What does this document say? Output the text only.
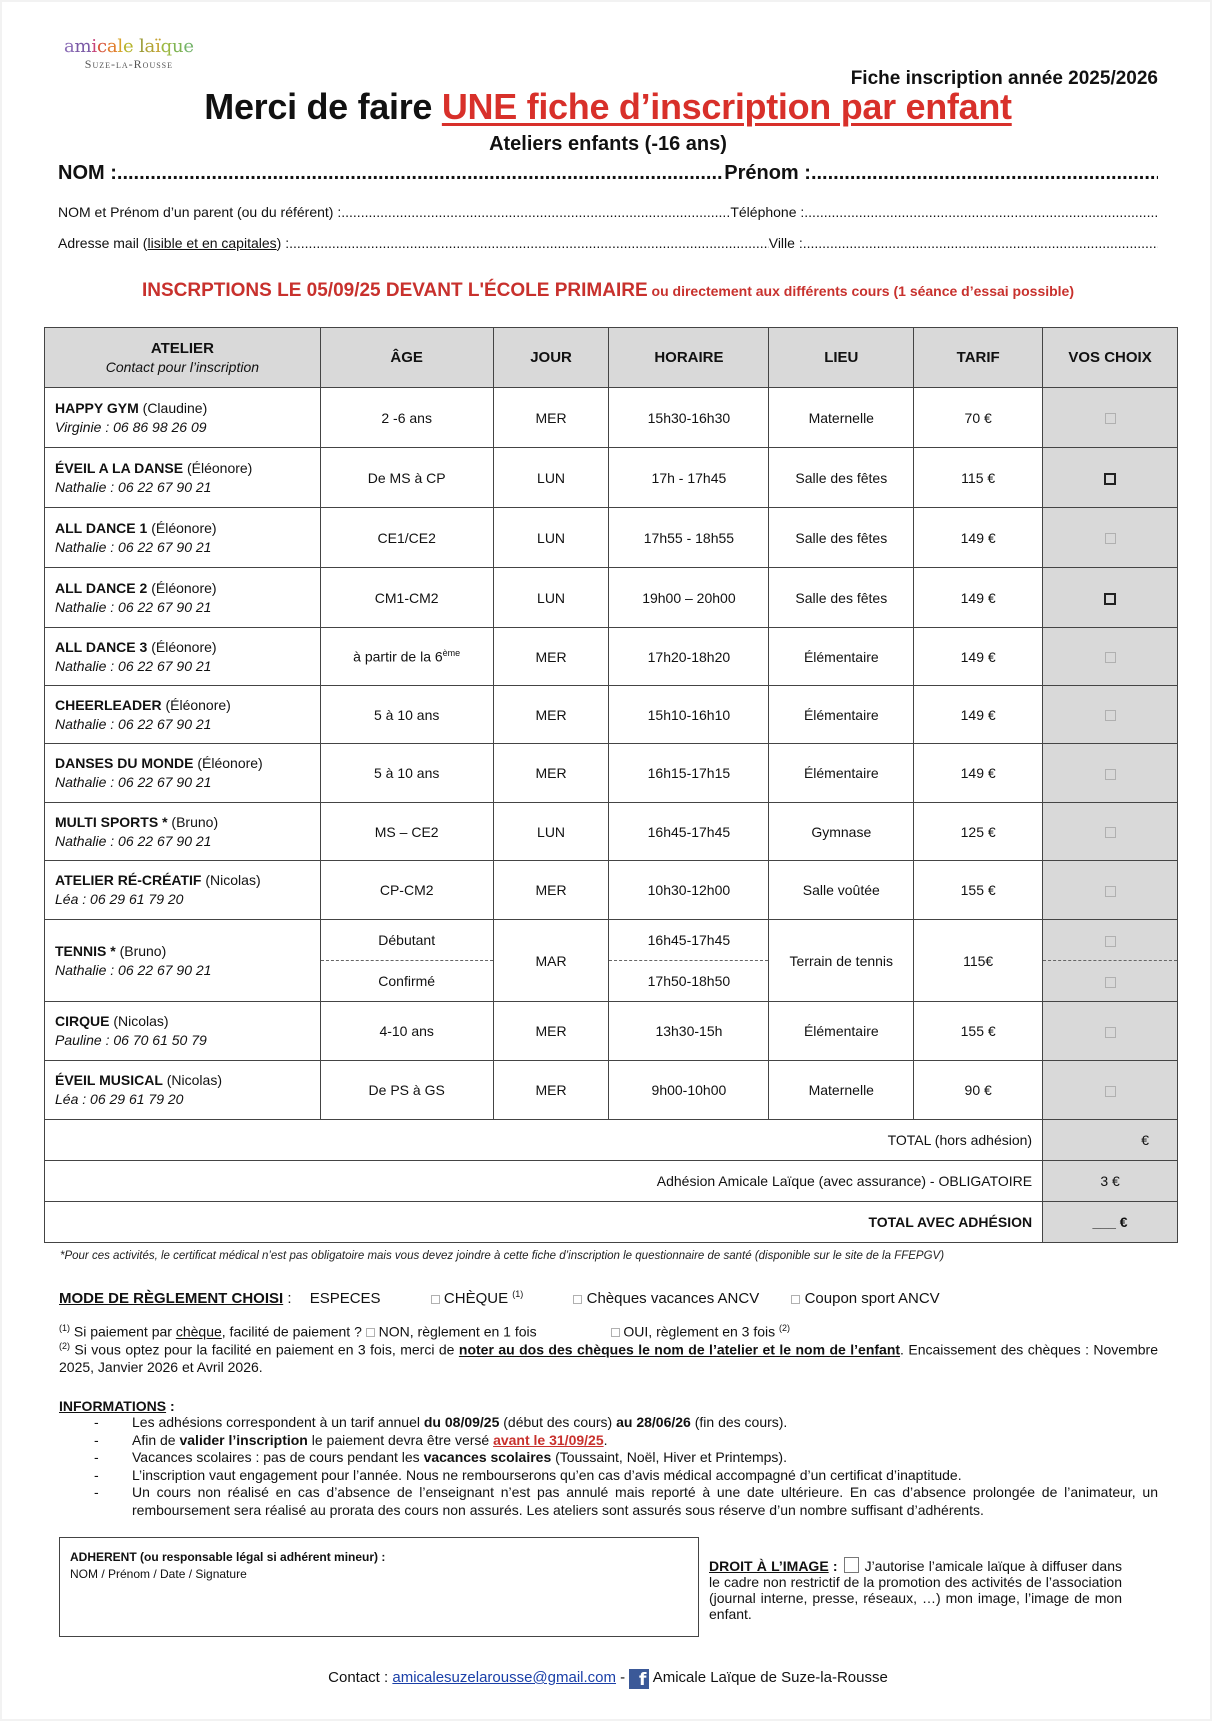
amicale laïque
Suze-la-Rousse
Fiche inscription année 2025/2026
Merci de faire UNE fiche d’inscription par enfant
Ateliers enfants (-16 ans)
NOM : .....	Prénom :
.....
NOM et Prénom d’un parent (ou du référent) : .....	Téléphone :
.....
Adresse mail (lisible et en capitales) : .....	Ville :
.....
INSCRPTIONS LE 05/09/25 DEVANT L'ÉCOLE PRIMAIRE ou directement aux différents cours (1 séance d’essai possible)
ATELIER
Contact pour l’inscription	ÂGE	JOUR	HORAIRE	LIEU	TARIF	VOS CHOIX
HAPPY GYM (Claudine)
Virginie : 06 86 98 26 09	2 -6 ans	MER	15h30-16h30	Maternelle	70 €	
ÉVEIL A LA DANSE (Éléonore)
Nathalie : 06 22 67 90 21	De MS à CP	LUN	17h - 17h45	Salle des fêtes	115 €	
ALL DANCE 1 (Éléonore)
Nathalie : 06 22 67 90 21	CE1/CE2	LUN	17h55 - 18h55	Salle des fêtes	149 €	
ALL DANCE 2 (Éléonore)
Nathalie : 06 22 67 90 21	CM1-CM2	LUN	19h00 – 20h00	Salle des fêtes	149 €	
ALL DANCE 3 (Éléonore)
Nathalie : 06 22 67 90 21	à partir de la 6ème	MER	17h20-18h20	Élémentaire	149 €	
CHEERLEADER (Éléonore)
Nathalie : 06 22 67 90 21	5 à 10 ans	MER	15h10-16h10	Élémentaire	149 €	
DANSES DU MONDE (Éléonore)
Nathalie : 06 22 67 90 21	5 à 10 ans	MER	16h15-17h15	Élémentaire	149 €	
MULTI SPORTS * (Bruno)
Nathalie : 06 22 67 90 21	MS – CE2	LUN	16h45-17h45	Gymnase	125 €	
ATELIER RÉ-CRÉATIF (Nicolas)
Léa : 06 29 61 79 20	CP-CM2	MER	10h30-12h00	Salle voûtée	155 €	
TENNIS * (Bruno)
Nathalie : 06 22 67 90 21	Débutant	MAR	16h45-17h45	Terrain de tennis	115€	
	Confirmé		17h50-18h50			
CIRQUE (Nicolas)
Pauline : 06 70 61 50 79	4-10 ans	MER	13h30-15h	Élémentaire	155 €	
ÉVEIL MUSICAL (Nicolas)
Léa : 06 29 61 79 20	De PS à GS	MER	9h00-10h00	Maternelle	90 €	
TOTAL (hors adhésion)						€
Adhésion Amicale Laïque (avec assurance) - OBLIGATOIRE						3 €
TOTAL AVEC ADHÉSION						___ €
*Pour ces activités, le certificat médical n’est pas obligatoire mais vous devez joindre à cette fiche d’inscription le questionnaire de santé (disponible sur le site de la FFEPGV)
MODE DE RÈGLEMENT CHOISI : ESPECES	CHÈQUE $^{(1)}$	Chèques vacances ANCV	Coupon sport ANCV
$^{(1)}$ Si paiement par chèque, facilité de paiement ?  NON, règlement en 1 fois	OUI, règlement en 3 fois $^{(2)}$
$^{(2)}$ Si vous optez pour la facilité en paiement en 3 fois, merci de noter au dos des chèques le nom de l’atelier et le nom de l’enfant. Encaissement des chèques : Novembre 2025, Janvier 2026 et Avril 2026.
INFORMATIONS :
- Les adhésions correspondent à un tarif annuel du 08/09/25 (début des cours) au 28/06/26 (fin des cours).
- Afin de valider l’inscription le paiement devra être versé avant le 31/09/25.
- Vacances scolaires : pas de cours pendant les vacances scolaires (Toussaint, Noël, Hiver et Printemps).
- L’inscription vaut engagement pour l’année. Nous ne rembourserons qu’en cas d’avis médical accompagné d’un certificat d’inaptitude.
- Un cours non réalisé en cas d’absence de l’enseignant n’est pas annulé mais reporté à une date ultérieure. En cas d’absence prolongée de l’animateur, un remboursement sera réalisé au prorata des cours non assurés. Les ateliers sont assurés sous réserve d’un nombre suffisant d’adhérents.
ADHERENT (ou responsable légal si adhérent mineur) :
NOM / Prénom / Date / Signature	DROIT À L’IMAGE : J’autorise l’amicale laïque à diffuser dans le cadre non restrictif de la promotion des activités de l’association (journal interne, presse, réseaux, …) mon image, l’image de mon enfant.
Contact : amicalesuzelarousse@gmail.com - f Amicale Laïque de Suze-la-Rousse
